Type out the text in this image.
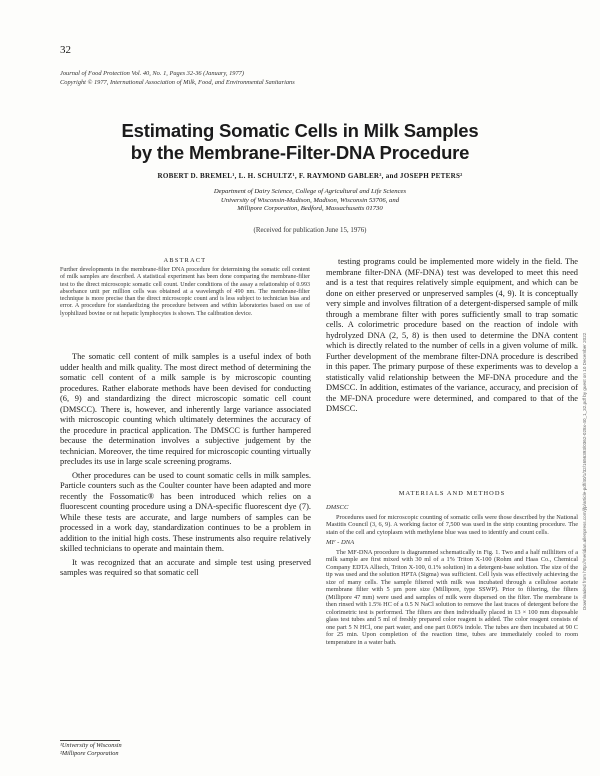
32
Journal of Food Protection Vol. 40, No. 1, Pages 32-36 (January, 1977)
Copyright © 1977, International Association of Milk, Food, and Environmental Sanitarians
Estimating Somatic Cells in Milk Samples
by the Membrane-Filter-DNA Procedure
ROBERT D. BREMEL¹, L. H. SCHULTZ¹, F. RAYMOND GABLER², and JOSEPH PETERS²
Department of Dairy Science, College of Agricultural and Life Sciences
University of Wisconsin-Madison, Madison, Wisconsin 53706, and
Millipore Corporation, Bedford, Massachusetts 01730
(Received for publication June 15, 1976)
ABSTRACT
Further developments in the membrane-filter DNA procedure for determining the somatic cell content of milk samples are described. A statistical experiment has been done comparing the membrane-filter test to the direct microscopic somatic cell count. Under conditions of the assay a relationship of 0.993 absorbance unit per million cells was obtained at a wavelength of 490 nm. The membrane-filter technique is more precise than the direct microscopic count and is less subject to technician bias and error. A procedure for standardizing the procedure between and within laboratories based on use of lyophilized bovine or rat hepatic lymphocytes is shown. The calibration device.

The somatic cell content of milk samples is a useful index of both udder health and milk quality. The most direct method of determining the somatic cell content of a milk sample is by microscopic counting procedures. Rather elaborate methods have been devised for conducting (6, 9) and standardizing the direct microscopic somatic cell count (DMSCC). There is, however, and inherently large variance associated with microscopic counting which ultimately determines the accuracy of the procedure in practical application. The DMSCC is further hampered because the determination involves a subjective judgement by the technician. Moreover, the time required for microscopic counting virtually precludes its use in large scale screening programs.

Other procedures can be used to count somatic cells in milk samples. Particle counters such as the Coulter counter have been adapted and more recently the Fossomatic® has been introduced which relies on a fluorescent counting procedure using a DNA-specific fluorescent dye (7). While these tests are accurate, and large numbers of samples can be processed in a work day, standardization continues to be a problem in addition to the initial high costs. These instruments also require relatively skilled technicians to operate and maintain them.

It was recognized that an accurate and simple test using preserved samples was required so that somatic cell

testing programs could be implemented more widely in the field. The membrane filter-DNA (MF-DNA) test was developed to meet this need and is a test that requires relatively simple equipment, and which can be done on either preserved or unpreserved samples (4, 9). It is conceptually very simple and involves filtration of a detergent-dispersed sample of milk through a membrane filter with pores sufficiently small to trap somatic cells. A colorimetric procedure based on the reaction of indole with hydrolyzed DNA (2, 5, 8) is then used to determine the DNA content which is directly related to the number of cells in a given volume of milk. Further development of the membrane filter-DNA procedure is described in this paper. The primary purpose of these experiments was to develop a statistically valid relationship between the MF-DNA procedure and the DMSCC. In addition, estimates of the variance, accuracy, and precision of the MF-DNA procedure were determined, and compared to that of the DMSCC.

MATERIALS AND METHODS
DMSCC

Procedures used for microscopic counting of somatic cells were those described by the National Mastitis Council (3, 6, 9). A working factor of 7,500 was used in the strip counting procedure. The stain of the cell and cytoplasm with methylene blue was used to identify and count cells.

MF - DNA

The MF-DNA procedure is diagrammed schematically in Fig. 1. Two and a half milliliters of a milk sample are first mixed with 30 ml of a 1% Triton X-100 (Rohm and Haas Co., Chemical Company EDTA Alltech, Triton X-100, 0.1% solution) in a detergent-base solution. The size of the tip was used and the solution HPTA (Sigma) was sufficient. Cell lysis was effectively achieving the size of many cells. The sample filtered with milk was incubated through a cellulose acetate membrane filter with 5 µm pore size (Millipore, type SSWP). Prior to filtering, the filters (Millipore 47 mm) were used and samples of milk were dispersed on the filter. The membrane is then rinsed with 1.5% HC of a 0.5 N NaCl solution to remove the last traces of detergent before the colorimetric test is performed. The filters are then individually placed in 13 × 100 mm disposable glass test tubes and 5 ml of freshly prepared color reagent is added. The color reagent consists of one part 5 N HCl, one part water, and one part 0.06% indole. The tubes are then incubated at 90 C for 25 min. Upon completion of the reaction time, tubes are immediately cooled to room temperature in a water bath.

¹University of Wisconsin
²Millipore Corporation
Downloaded from http://meridian.allenpress.com/jfp/article-pdf/40/1/32/1656393/0362-028x-40_1_32.pdf by guest on 10 December 2022
